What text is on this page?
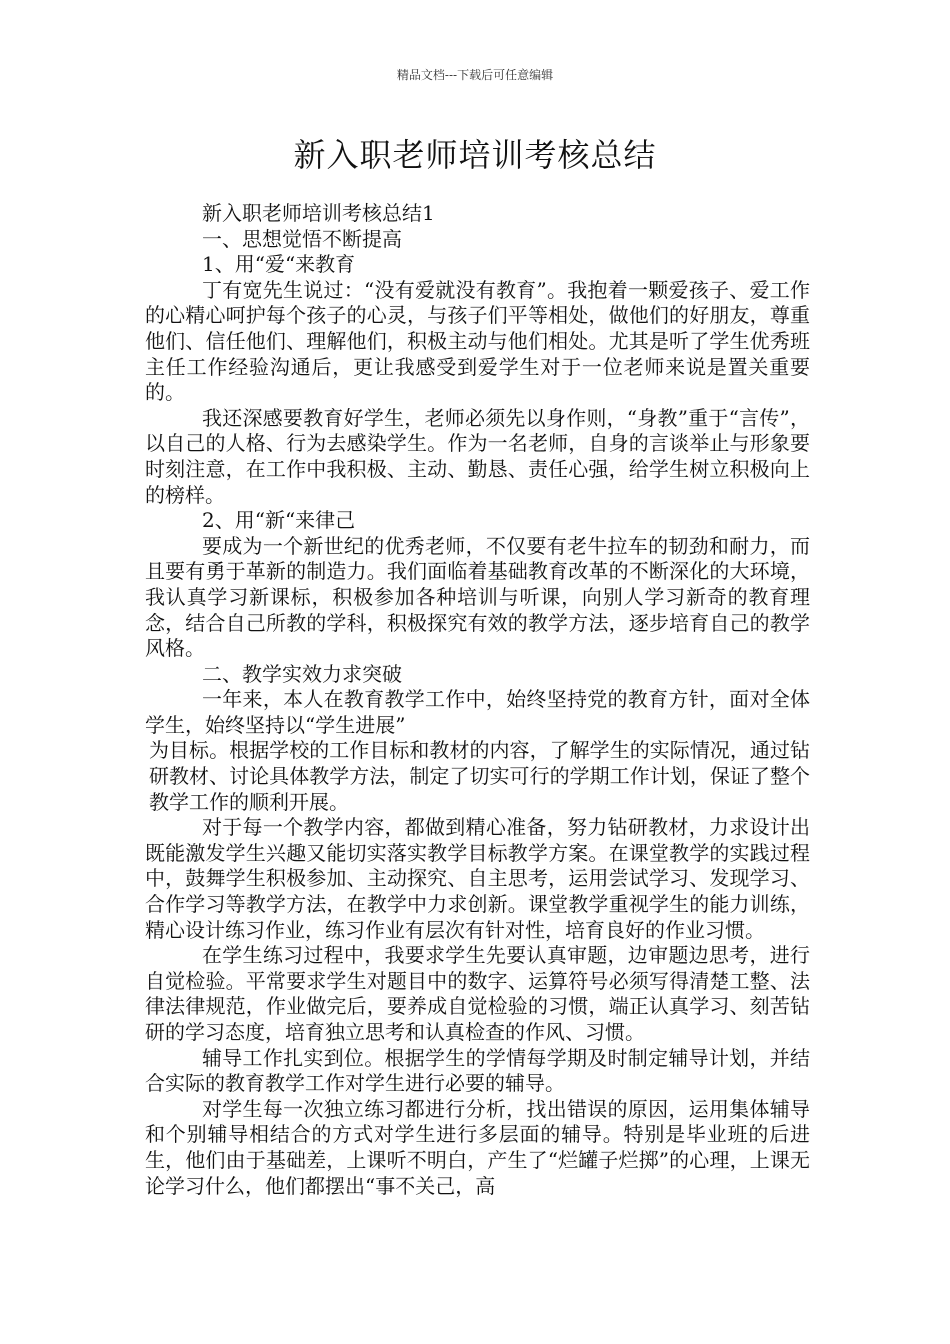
精品文档---下载后可任意编辑
新入职老师培训考核总结

新入职老师培训考核总结1

一、思想觉悟不断提高

1、用“爱“来教育

丁有宽先生说过：“没有爱就没有教育”。我抱着一颗爱孩子、爱工作的心精心呵护每个孩子的心灵，与孩子们平等相处，做他们的好朋友，尊重他们、信任他们、理解他们，积极主动与他们相处。尤其是听了学生优秀班主任工作经验沟通后，更让我感受到爱学生对于一位老师来说是置关重要的。

我还深感要教育好学生，老师必须先以身作则，“身教”重于“言传”，以自己的人格、行为去感染学生。作为一名老师，自身的言谈举止与形象要时刻注意，在工作中我积极、主动、勤恳、责任心强，给学生树立积极向上的榜样。

2、用“新“来律己

要成为一个新世纪的优秀老师，不仅要有老牛拉车的韧劲和耐力，而且要有勇于革新的制造力。我们面临着基础教育改革的不断深化的大环境，我认真学习新课标，积极参加各种培训与听课，向别人学习新奇的教育理念，结合自己所教的学科，积极探究有效的教学方法，逐步培育自己的教学风格。

二、教学实效力求突破

一年来，本人在教育教学工作中，始终坚持党的教育方针，面对全体学生，始终坚持以“学生进展”

为目标。根据学校的工作目标和教材的内容，了解学生的实际情况，通过钻研教材、讨论具体教学方法，制定了切实可行的学期工作计划，保证了整个教学工作的顺利开展。

对于每一个教学内容，都做到精心准备，努力钻研教材，力求设计出既能激发学生兴趣又能切实落实教学目标教学方案。在课堂教学的实践过程中，鼓舞学生积极参加、主动探究、自主思考，运用尝试学习、发现学习、合作学习等教学方法，在教学中力求创新。课堂教学重视学生的能力训练，精心设计练习作业，练习作业有层次有针对性，培育良好的作业习惯。

在学生练习过程中，我要求学生先要认真审题，边审题边思考，进行自觉检验。平常要求学生对题目中的数字、运算符号必须写得清楚工整、法律法律规范，作业做完后，要养成自觉检验的习惯，端正认真学习、刻苦钻研的学习态度，培育独立思考和认真检查的作风、习惯。

辅导工作扎实到位。根据学生的学情每学期及时制定辅导计划，并结合实际的教育教学工作对学生进行必要的辅导。

对学生每一次独立练习都进行分析，找出错误的原因，运用集体辅导和个别辅导相结合的方式对学生进行多层面的辅导。特别是毕业班的后进生，他们由于基础差，上课听不明白，产生了“烂罐子烂掷”的心理，上课无论学习什么，他们都摆出“事不关己，高
